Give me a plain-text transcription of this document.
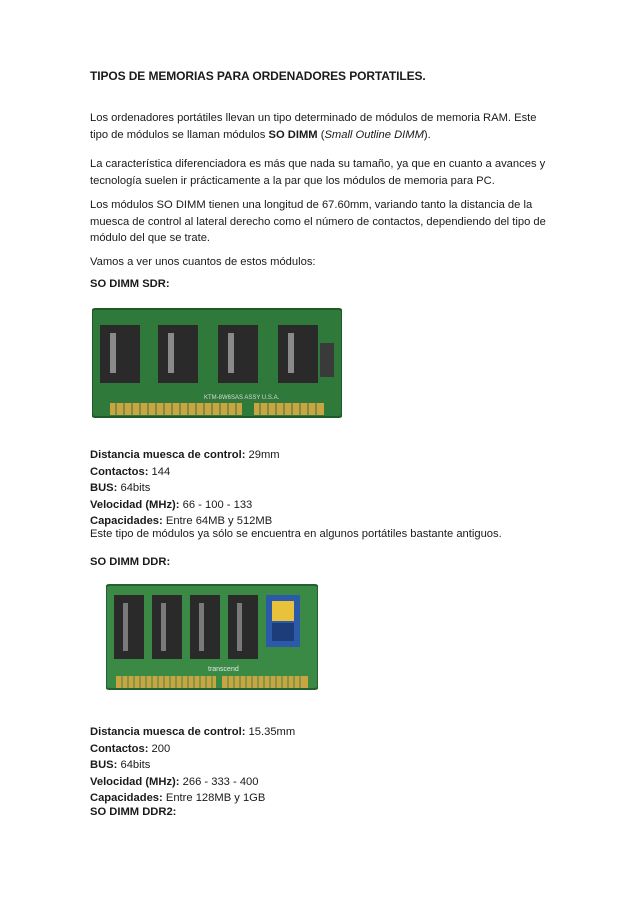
TIPOS DE MEMORIAS PARA ORDENADORES PORTATILES.
Los ordenadores portátiles llevan un tipo determinado de módulos de memoria RAM. Este tipo de módulos se llaman módulos SO DIMM (Small Outline DIMM).
La característica diferenciadora es más que nada su tamaño, ya que en cuanto a avances y tecnología suelen ir prácticamente a la par que los módulos de memoria para PC.
Los módulos SO DIMM tienen una longitud de 67.60mm, variando tanto la distancia de la muesca de control al lateral derecho como el número de contactos, dependiendo del tipo de módulo del que se trate.
Vamos a ver unos cuantos de estos módulos:
SO DIMM SDR:
KTM-8W6SAS ASSY U.S.A.
Distancia muesca de control: 29mm
Contactos: 144
BUS: 64bits
Velocidad (MHz): 66 - 100 - 133
Capacidades: Entre 64MB y 512MB
Este tipo de módulos ya sólo se encuentra en algunos portátiles bastante antiguos.
SO DIMM DDR:
transcend
Distancia muesca de control: 15.35mm
Contactos: 200
BUS: 64bits
Velocidad (MHz): 266 - 333 - 400
Capacidades: Entre 128MB y 1GB
SO DIMM DDR2:
